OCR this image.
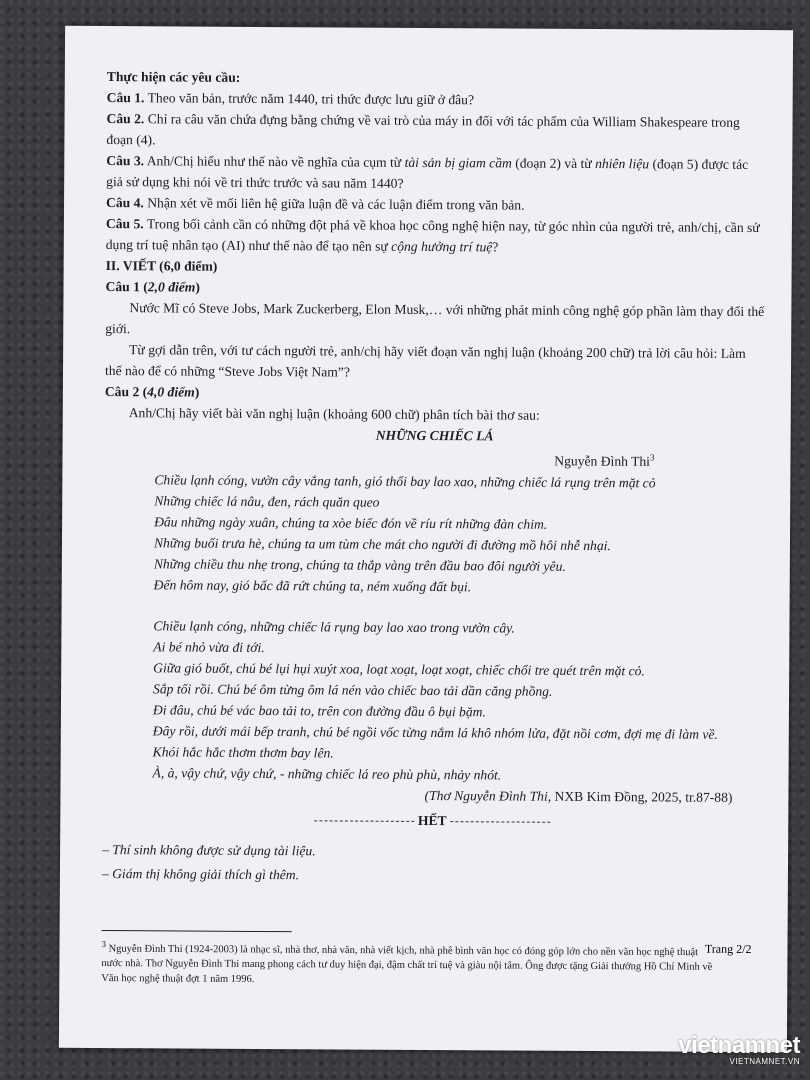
Thực hiện các yêu cầu:

Câu 1. Theo văn bản, trước năm 1440, tri thức được lưu giữ ở đâu?

Câu 2. Chỉ ra câu văn chứa đựng bằng chứng về vai trò của máy in đối với tác phẩm của William Shakespeare trong đoạn (4).

Câu 3. Anh/Chị hiểu như thế nào về nghĩa của cụm từ tài sản bị giam cầm (đoạn 2) và từ nhiên liệu (đoạn 5) được tác giả sử dụng khi nói về tri thức trước và sau năm 1440?

Câu 4. Nhận xét về mối liên hệ giữa luận đề và các luận điểm trong văn bản.

Câu 5. Trong bối cảnh cần có những đột phá về khoa học công nghệ hiện nay, từ góc nhìn của người trẻ, anh/chị, cần sử dụng trí tuệ nhân tạo (AI) như thế nào để tạo nên sự cộng hưởng trí tuệ?

II. VIẾT (6,0 điểm)

Câu 1 (2,0 điểm)

Nước Mĩ có Steve Jobs, Mark Zuckerberg, Elon Musk,… với những phát minh công nghệ góp phần làm thay đổi thế giới.

Từ gợi dẫn trên, với tư cách người trẻ, anh/chị hãy viết đoạn văn nghị luận (khoảng 200 chữ) trả lời câu hỏi: Làm thế nào để có những “Steve Jobs Việt Nam”?

Câu 2 (4,0 điểm)

Anh/Chị hãy viết bài văn nghị luận (khoảng 600 chữ) phân tích bài thơ sau:

NHỮNG CHIẾC LÁ

Nguyễn Đình Thi$^3$

Chiều lạnh cóng, vườn cây vắng tanh, gió thổi bay lao xao, những chiếc lá rụng trên mặt cỏ

Những chiếc lá nâu, đen, rách quăn queo

Đâu những ngày xuân, chúng ta xòe biếc đón về ríu rít những đàn chim.

Những buổi trưa hè, chúng ta um tùm che mát cho người đi đường mồ hôi nhễ nhại.

Những chiều thu nhẹ trong, chúng ta thắp vàng trên đầu bao đôi người yêu.

Đến hôm nay, gió bấc đã rứt chúng ta, ném xuống đất bụi.

Chiều lạnh cóng, những chiếc lá rụng bay lao xao trong vườn cây.

Ai bé nhỏ vừa đi tới.

Giữa gió buốt, chú bé lụi hụi xuýt xoa, loạt xoạt, loạt xoạt, chiếc chổi tre quét trên mặt cỏ.

Sắp tối rồi. Chú bé ôm từng ôm lá nén vào chiếc bao tải dần căng phồng.

Đi đâu, chú bé vác bao tải to, trên con đường đầu ô bụi bặm.

Đây rồi, dưới mái bếp tranh, chú bé ngồi vốc từng nắm lá khô nhóm lửa, đặt nồi cơm, đợi mẹ đi làm về.

Khói hắc hắc thơm thơm bay lên.

À, à, vậy chứ, vậy chứ, - những chiếc lá reo phù phù, nhảy nhót.

(Thơ Nguyễn Đình Thi, NXB Kim Đồng, 2025, tr.87-88)

HẾT

– Thí sinh không được sử dụng tài liệu.

– Giám thị không giải thích gì thêm.

$^3$ Nguyễn Đình Thi (1924-2003) là nhạc sĩ, nhà thơ, nhà văn, nhà viết kịch, nhà phê bình văn học có đóng góp lớn cho nền văn học nghệ thuật nước nhà. Thơ Nguyễn Đình Thi mang phong cách tư duy hiện đại, đậm chất trí tuệ và giàu nội tâm. Ông được tặng Giải thưởng Hồ Chí Minh về Văn học nghệ thuật đợt 1 năm 1996.

Trang 2/2
vietnamnet
VIETNAMNET.VN
